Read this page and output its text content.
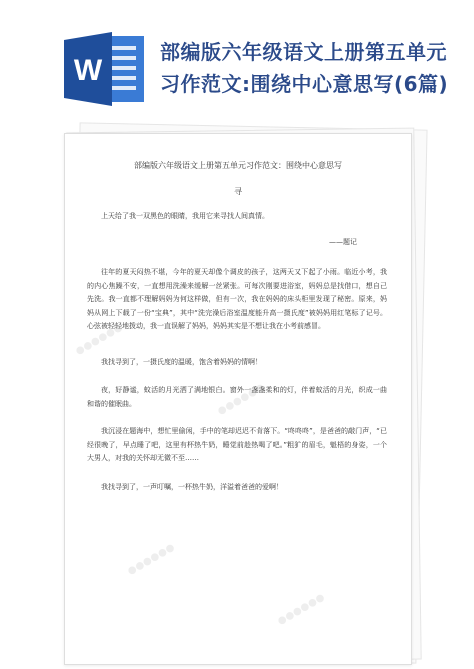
W
部编版六年级语文上册第五单元习作范文:围绕中心意思写(6篇)
部编版六年级语文上册第五单元习作范文：围绕中心意思写
寻
上天给了我一双黑色的眼睛，我用它来寻找人间真情。
——题记
往年的夏天闷热不堪，今年的夏天却像个调皮的孩子，这两天又下起了小雨。临近小考，我的内心焦躁不安，一直想用洗澡来缓解一丝紧张。可每次刚要进浴室，妈妈总是找借口，想自己先洗。我一直都不理解妈妈为何这样做，但有一次，我在妈妈的床头柜里发现了秘密。原来，妈妈从网上下载了一份“宝典”，其中“洗完澡后浴室温度能升高一摄氏度”被妈妈用红笔标了记号。心弦被轻轻地拨动，我一直误解了妈妈，妈妈其实是不想让我在小考前感冒。
我找寻到了，一摄氏度的温暖，饱含着妈妈的情啊！
夜，好静谧，蚊活的月光洒了满地银白。窗外一盏盏柔和的灯，伴着蚊活的月光，织成一曲和谐的催眠曲。
我沉浸在题海中，想忙里偷闲，手中的笔却迟迟不肯落下。“咚咚咚”，是爸爸的敲门声，“已经很晚了，早点睡了吧，这里有杯热牛奶，睡觉前趁热喝了吧。”粗犷的眉毛，魁梧的身姿，一个大男人，对我的关怀却无微不至……
我找寻到了，一声叮嘱，一杯热牛奶，洋溢着爸爸的爱啊！
●●●●●●
●●●●●●
●●●●●●
●●●●●●
